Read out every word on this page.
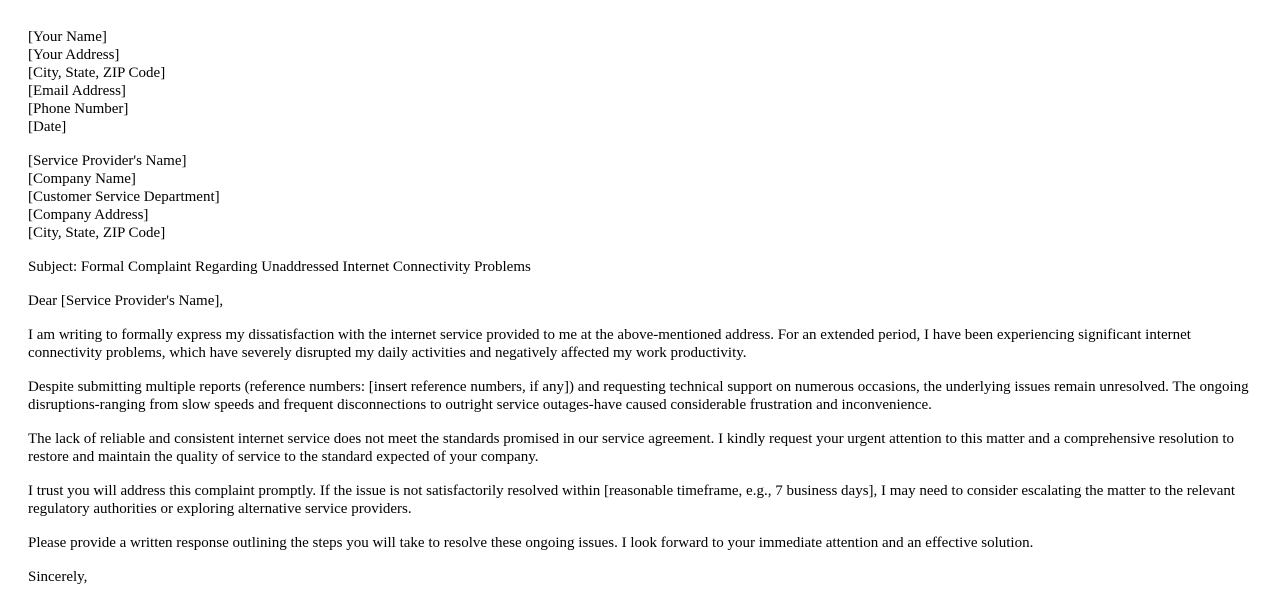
[Your Name]
[Your Address]
[City, State, ZIP Code]
[Email Address]
[Phone Number]
[Date]
[Service Provider's Name]
[Company Name]
[Customer Service Department]
[Company Address]
[City, State, ZIP Code]

Subject: Formal Complaint Regarding Unaddressed Internet Connectivity Problems

Dear [Service Provider's Name],

I am writing to formally express my dissatisfaction with the internet service provided to me at the above-mentioned address. For an extended period, I have been experiencing significant internet connectivity problems, which have severely disrupted my daily activities and negatively affected my work productivity.

Despite submitting multiple reports (reference numbers: [insert reference numbers, if any]) and requesting technical support on numerous occasions, the underlying issues remain unresolved. The ongoing disruptions-ranging from slow speeds and frequent disconnections to outright service outages-have caused considerable frustration and inconvenience.

The lack of reliable and consistent internet service does not meet the standards promised in our service agreement. I kindly request your urgent attention to this matter and a comprehensive resolution to restore and maintain the quality of service to the standard expected of your company.

I trust you will address this complaint promptly. If the issue is not satisfactorily resolved within [reasonable timeframe, e.g., 7 business days], I may need to consider escalating the matter to the relevant regulatory authorities or exploring alternative service providers.

Please provide a written response outlining the steps you will take to resolve these ongoing issues. I look forward to your immediate attention and an effective solution.

Sincerely,
